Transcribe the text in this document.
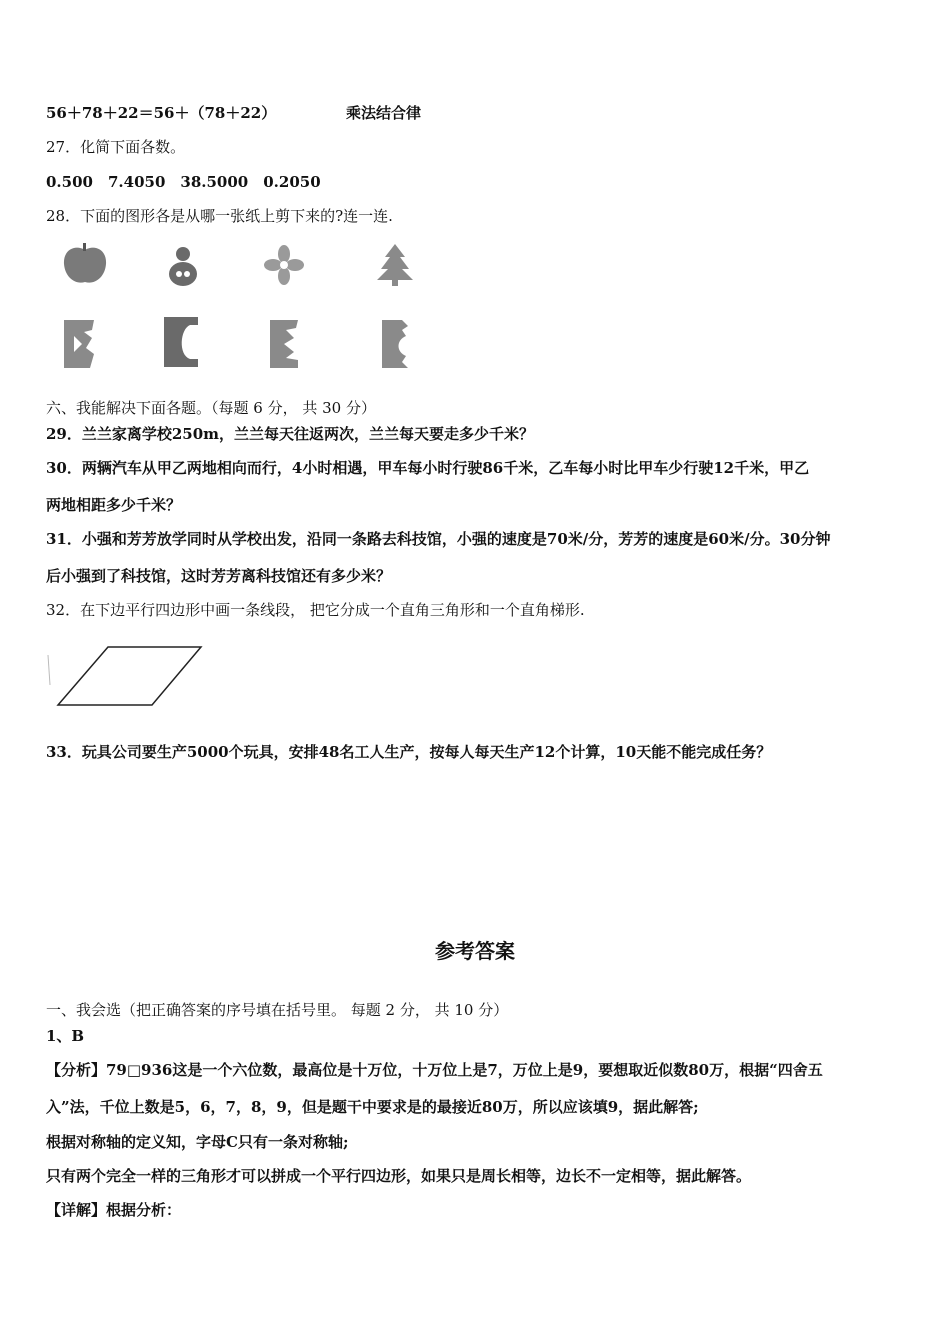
56＋78＋22＝56＋（78＋22）	乘法结合律
27．化简下面各数。
0.500　7.4050　38.5000　0.2050
28．下面的图形各是从哪一张纸上剪下来的?连一连.
六、我能解决下面各题。（每题 6 分， 共 30 分）
29．兰兰家离学校250m，兰兰每天往返两次，兰兰每天要走多少千米？
30．两辆汽车从甲乙两地相向而行，4小时相遇，甲车每小时行驶86千米，乙车每小时比甲车少行驶12千米，甲乙
两地相距多少千米？
31．小强和芳芳放学同时从学校出发，沿同一条路去科技馆，小强的速度是70米/分，芳芳的速度是60米/分。30分钟
后小强到了科技馆，这时芳芳离科技馆还有多少米？
32．在下边平行四边形中画一条线段， 把它分成一个直角三角形和一个直角梯形.
33．玩具公司要生产5000个玩具，安排48名工人生产，按每人每天生产12个计算，10天能不能完成任务？
参考答案
一、我会选（把正确答案的序号填在括号里。 每题 2 分， 共 10 分）
1、B
【分析】79□936这是一个六位数，最高位是十万位，十万位上是7，万位上是9，要想取近似数80万，根据“四舍五
入”法，千位上数是5，6，7，8，9，但是题干中要求是的最接近80万，所以应该填9，据此解答;
根据对称轴的定义知，字母C只有一条对称轴;
只有两个完全一样的三角形才可以拼成一个平行四边形，如果只是周长相等，边长不一定相等，据此解答。
【详解】根据分析：
